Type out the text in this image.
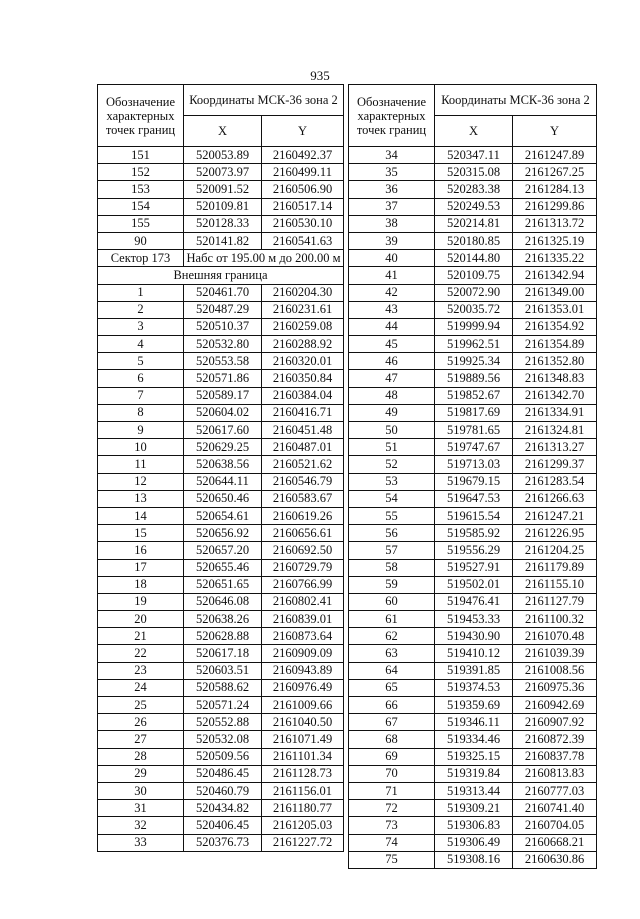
935
Обозначение характерных точек границ	Координаты МСК-36 зона 2	
	X	Y
151	520053.89	2160492.37
152	520073.97	2160499.11
153	520091.52	2160506.90
154	520109.81	2160517.14
155	520128.33	2160530.10
90	520141.82	2160541.63
Сектор 173	Набс от 195.00 м до 200.00 м	

Внешняя граница		
1	520461.70	2160204.30
2	520487.29	2160231.61
3	520510.37	2160259.08
4	520532.80	2160288.92
5	520553.58	2160320.01
6	520571.86	2160350.84
7	520589.17	2160384.04
8	520604.02	2160416.71
9	520617.60	2160451.48
10	520629.25	2160487.01
11	520638.56	2160521.62
12	520644.11	2160546.79
13	520650.46	2160583.67
14	520654.61	2160619.26
15	520656.92	2160656.61
16	520657.20	2160692.50
17	520655.46	2160729.79
18	520651.65	2160766.99
19	520646.08	2160802.41
20	520638.26	2160839.01
21	520628.88	2160873.64
22	520617.18	2160909.09
23	520603.51	2160943.89
24	520588.62	2160976.49
25	520571.24	2161009.66
26	520552.88	2161040.50
27	520532.08	2161071.49
28	520509.56	2161101.34
29	520486.45	2161128.73
30	520460.79	2161156.01
31	520434.82	2161180.77
32	520406.45	2161205.03
33	520376.73	2161227.72
Обозначение характерных точек границ	Координаты МСК-36 зона 2	
	X	Y
34	520347.11	2161247.89
35	520315.08	2161267.25
36	520283.38	2161284.13
37	520249.53	2161299.86
38	520214.81	2161313.72
39	520180.85	2161325.19
40	520144.80	2161335.22
41	520109.75	2161342.94
42	520072.90	2161349.00
43	520035.72	2161353.01
44	519999.94	2161354.92
45	519962.51	2161354.89
46	519925.34	2161352.80
47	519889.56	2161348.83
48	519852.67	2161342.70
49	519817.69	2161334.91
50	519781.65	2161324.81
51	519747.67	2161313.27
52	519713.03	2161299.37
53	519679.15	2161283.54
54	519647.53	2161266.63
55	519615.54	2161247.21
56	519585.92	2161226.95
57	519556.29	2161204.25
58	519527.91	2161179.89
59	519502.01	2161155.10
60	519476.41	2161127.79
61	519453.33	2161100.32
62	519430.90	2161070.48
63	519410.12	2161039.39
64	519391.85	2161008.56
65	519374.53	2160975.36
66	519359.69	2160942.69
67	519346.11	2160907.92
68	519334.46	2160872.39
69	519325.15	2160837.78
70	519319.84	2160813.83
71	519313.44	2160777.03
72	519309.21	2160741.40
73	519306.83	2160704.05
74	519306.49	2160668.21
75	519308.16	2160630.86
